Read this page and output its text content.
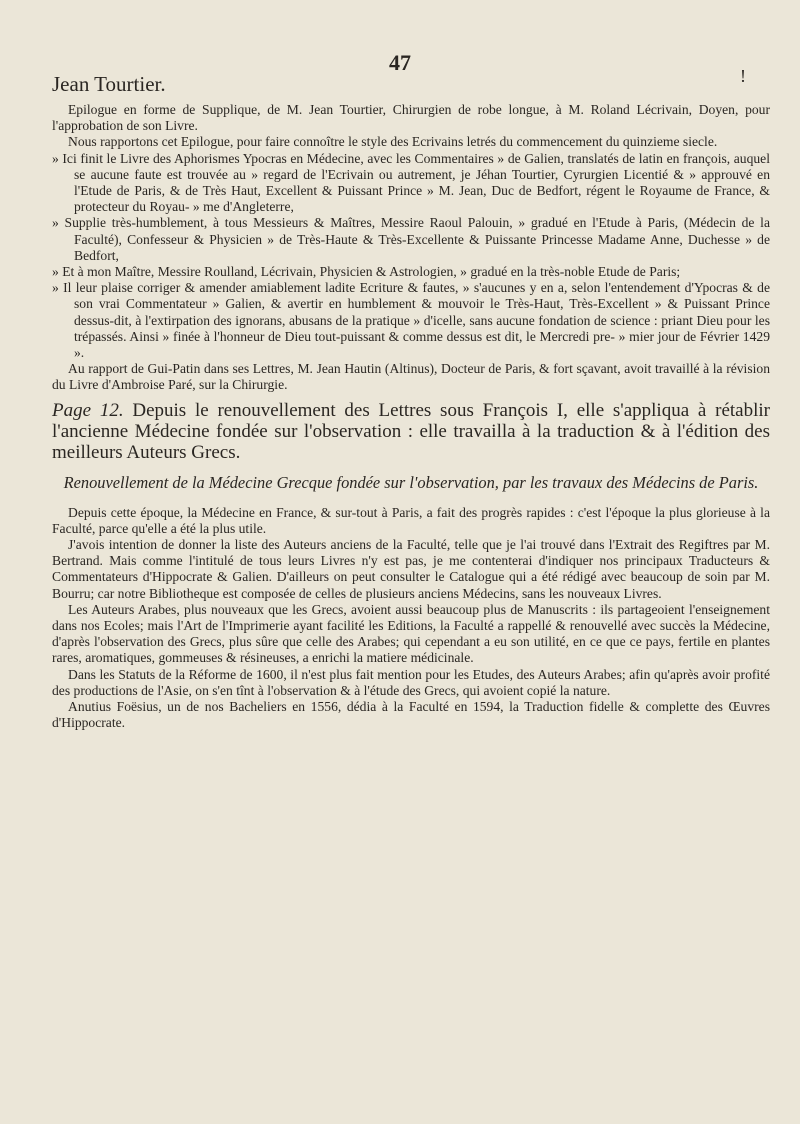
47
Jean Tourtier.	!

Epilogue en forme de Supplique, de M. Jean Tourtier, Chirurgien de robe longue, à M. Roland Lécrivain, Doyen, pour l'approbation de son Livre.

Nous rapportons cet Epilogue, pour faire connoître le style des Ecrivains letrés du commencement du quinzieme siecle.

» Ici finit le Livre des Aphorismes Ypocras en Médecine, avec les Commentaires » de Galien, translatés de latin en françois, auquel se aucune faute est trouvée au » regard de l'Ecrivain ou autrement, je Jéhan Tourtier, Cyrurgien Licentié & » approuvé en l'Etude de Paris, & de Très Haut, Excellent & Puissant Prince » M. Jean, Duc de Bedfort, régent le Royaume de France, & protecteur du Royau- » me d'Angleterre,
» Supplie très-humblement, à tous Messieurs & Maîtres, Messire Raoul Palouin, » gradué en l'Etude à Paris, (Médecin de la Faculté), Confesseur & Physicien » de Très-Haute & Très-Excellente & Puissante Princesse Madame Anne, Duchesse » de Bedfort,
» Et à mon Maître, Messire Roulland, Lécrivain, Physicien & Astrologien, » gradué en la très-noble Etude de Paris;
» Il leur plaise corriger & amender amiablement ladite Ecriture & fautes, » s'aucunes y en a, selon l'entendement d'Ypocras & de son vrai Commentateur » Galien, & avertir en humblement & mouvoir le Très-Haut, Très-Excellent » & Puissant Prince dessus-dit, à l'extirpation des ignorans, abusans de la pratique » d'icelle, sans aucune fondation de science : priant Dieu pour les trépassés. Ainsi » finée à l'honneur de Dieu tout-puissant & comme dessus est dit, le Mercredi pre- » mier jour de Février 1429 ».

Au rapport de Gui-Patin dans ses Lettres, M. Jean Hautin (Altinus), Docteur de Paris, & fort sçavant, avoit travaillé à la révision du Livre d'Ambroise Paré, sur la Chirurgie.

Page 12. Depuis le renouvellement des Lettres sous François I, elle s'appliqua à rétablir l'ancienne Médecine fondée sur l'observation : elle travailla à la traduction & à l'édition des meilleurs Auteurs Grecs.

Renouvellement de la Médecine Grecque fondée sur l'observation, par les travaux des Médecins de Paris.

Depuis cette époque, la Médecine en France, & sur-tout à Paris, a fait des progrès rapides : c'est l'époque la plus glorieuse à la Faculté, parce qu'elle a été la plus utile.

J'avois intention de donner la liste des Auteurs anciens de la Faculté, telle que je l'ai trouvé dans l'Extrait des Regiftres par M. Bertrand. Mais comme l'intitulé de tous leurs Livres n'y est pas, je me contenterai d'indiquer nos principaux Traducteurs & Commentateurs d'Hippocrate & Galien. D'ailleurs on peut consulter le Catalogue qui a été rédigé avec beaucoup de soin par M. Bourru; car notre Bibliotheque est composée de celles de plusieurs anciens Médecins, sans les nouveaux Livres.

Les Auteurs Arabes, plus nouveaux que les Grecs, avoient aussi beaucoup plus de Manuscrits : ils partageoient l'enseignement dans nos Ecoles; mais l'Art de l'Imprimerie ayant facilité les Editions, la Faculté a rappellé & renouvellé avec succès la Médecine, d'après l'observation des Grecs, plus sûre que celle des Arabes; qui cependant a eu son utilité, en ce que ce pays, fertile en plantes rares, aromatiques, gommeuses & résineuses, a enrichi la matiere médicinale.

Dans les Statuts de la Réforme de 1600, il n'est plus fait mention pour les Etudes, des Auteurs Arabes; afin qu'après avoir profité des productions de l'Asie, on s'en tînt à l'observation & à l'étude des Grecs, qui avoient copié la nature.

Anutius Foësius, un de nos Bacheliers en 1556, dédia à la Faculté en 1594, la Traduction fidelle & complette des Œuvres d'Hippocrate.
